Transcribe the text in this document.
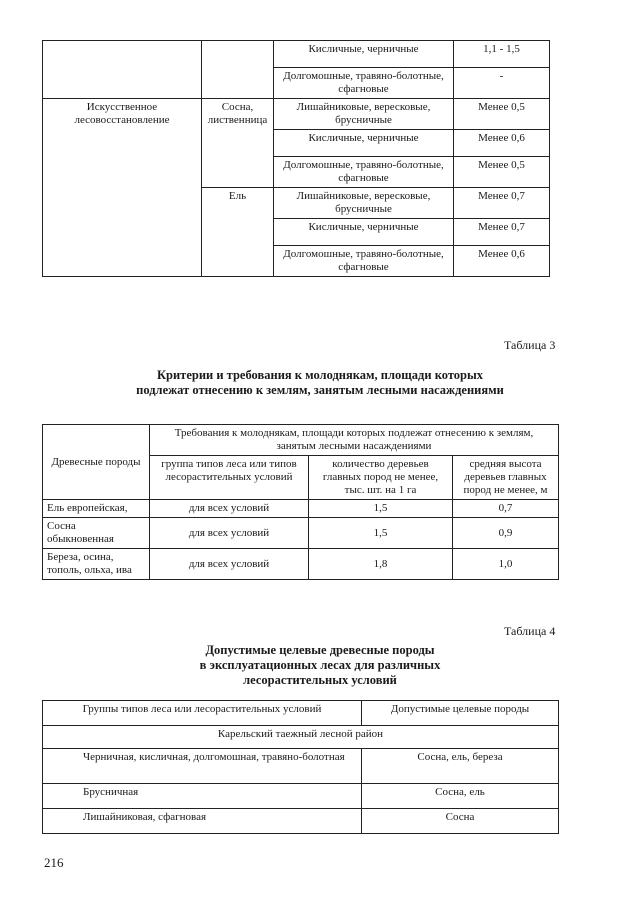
		Кисличные, черничные	1,1 - 1,5
		Долгомошные, травяно-болотные, сфагновые	-
Искусственное лесовосстановление	Сосна, лиственница	Лишайниковые, вересковые, брусничные	Менее 0,5
		Кисличные, черничные	Менее 0,6
		Долгомошные, травяно-болотные, сфагновые	Менее 0,5
	Ель	Лишайниковые, вересковые, брусничные	Менее 0,7
		Кисличные, черничные	Менее 0,7
		Долгомошные, травяно-болотные, сфагновые	Менее 0,6
Таблица 3
Критерии и требования к молоднякам, площади которых
подлежат отнесению к землям, занятым лесными насаждениями
Древесные породы	Требования к молоднякам, площади которых подлежат отнесению к землям, занятым лесными насаждениями		
	группа типов леса или типов лесорастительных условий	количество деревьев главных пород не менее, тыс. шт. на 1 га	средняя высота деревьев главных пород не менее, м
Ель европейская,	для всех условий	1,5	0,7
Сосна обыкновенная	для всех условий	1,5	0,9
Береза, осина, тополь, ольха, ива	для всех условий	1,8	1,0
Таблица 4
Допустимые целевые древесные породы
в эксплуатационных лесах для различных
лесорастительных условий
Группы типов леса или лесорастительных условий	Допустимые целевые породы
Карельский таежный лесной район	
Черничная, кисличная, долгомошная, травяно-болотная	Сосна, ель, береза
Брусничная	Сосна, ель
Лишайниковая, сфагновая	Сосна
216
